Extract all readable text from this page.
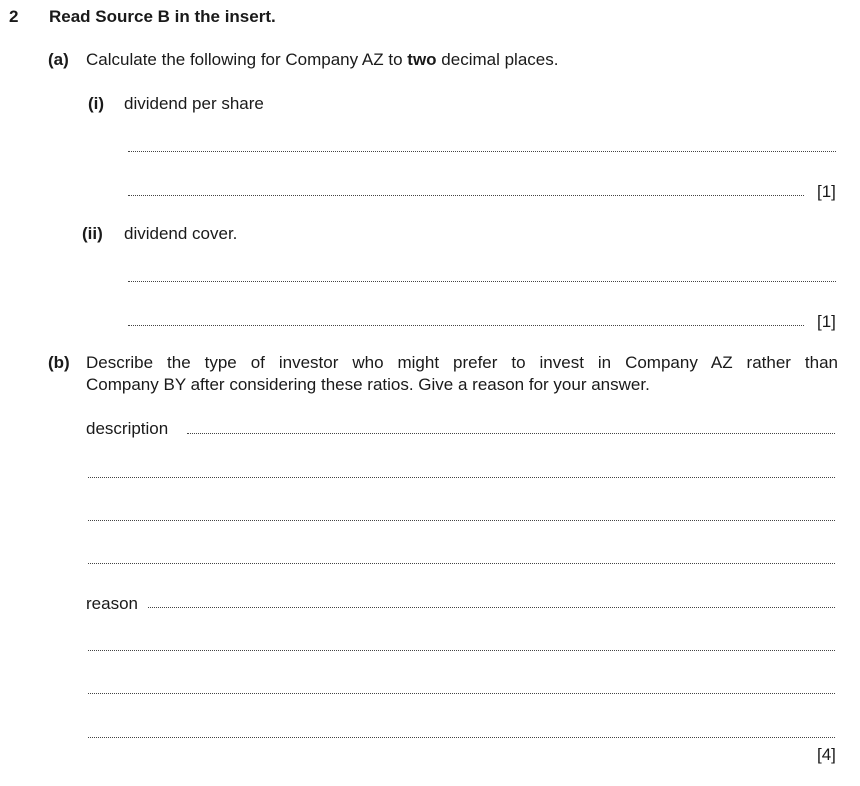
2 Read Source B in the insert.
(a) Calculate the following for Company AZ to two decimal places.
(i) dividend per share
[1]
(ii) dividend cover.
[1]
(b) Describe the type of investor who might prefer to invest in Company AZ rather than
Company BY after considering these ratios. Give a reason for your answer.
description
reason
[4]
